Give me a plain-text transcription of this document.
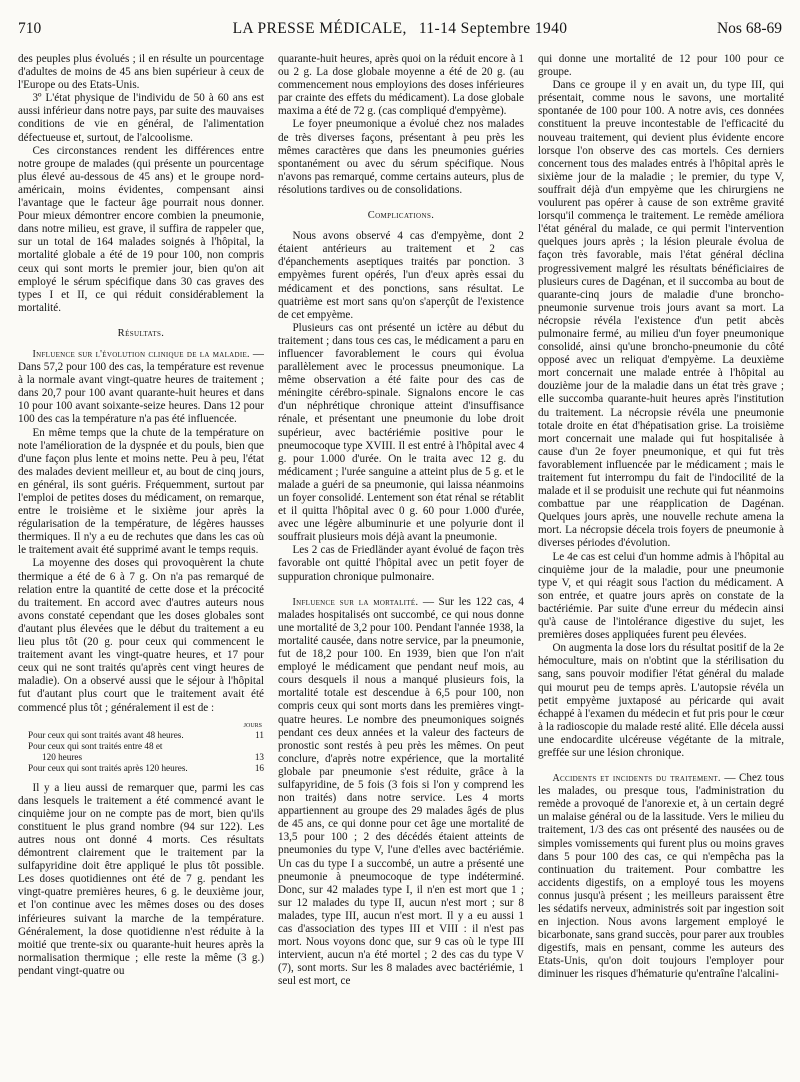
710	LA PRESSE MÉDICALE, 11-14 Septembre 1940	Nos 68-69

des peuples plus évolués ; il en résulte un pourcentage d'adultes de moins de 45 ans bien supérieur à ceux de l'Europe ou des Etats-Unis.

3º L'état physique de l'individu de 50 à 60 ans est aussi inférieur dans notre pays, par suite des mauvaises conditions de vie en général, de l'alimentation défectueuse et, surtout, de l'alcoolisme.

Ces circonstances rendent les différences entre notre groupe de malades (qui présente un pourcentage plus élevé au-dessous de 45 ans) et le groupe nord-américain, moins évidentes, compensant ainsi l'avantage que le facteur âge pourrait nous donner. Pour mieux démontrer encore combien la pneumonie, dans notre milieu, est grave, il suffira de rappeler que, sur un total de 164 malades soignés à l'hôpital, la mortalité globale a été de 19 pour 100, non compris ceux qui sont morts le premier jour, bien qu'on ait employé le sérum spécifique dans 30 cas graves des types I et II, ce qui réduit considérablement la mortalité.

Résultats.

Influence sur l'évolution clinique de la maladie. — Dans 57,2 pour 100 des cas, la température est revenue à la normale avant vingt-quatre heures de traitement ; dans 20,7 pour 100 avant quarante-huit heures et dans 10 pour 100 avant soixante-seize heures. Dans 12 pour 100 des cas la température n'a pas été influencée.

En même temps que la chute de la température on note l'amélioration de la dyspnée et du pouls, bien que d'une façon plus lente et moins nette. Peu à peu, l'état des malades devient meilleur et, au bout de cinq jours, en général, ils sont guéris. Fréquemment, surtout par l'emploi de petites doses du médicament, on remarque, entre le troisième et le sixième jour après la régularisation de la température, de légères hausses thermiques. Il n'y a eu de rechutes que dans les cas où le traitement avait été supprimé avant le temps requis.

La moyenne des doses qui provoquèrent la chute thermique a été de 6 à 7 g. On n'a pas remarqué de relation entre la quantité de cette dose et la précocité du traitement. En accord avec d'autres auteurs nous avons constaté cependant que les doses globales sont d'autant plus élevées que le début du traitement a eu lieu plus tôt (20 g. pour ceux qui commencent le traitement avant les vingt-quatre heures, et 17 pour ceux qui ne sont traités qu'après cent vingt heures de maladie). On a observé aussi que le séjour à l'hôpital fut d'autant plus court que le traitement avait été commencé plus tôt ; généralement il est de :

jours
Pour ceux qui sont traités avant 48 heures.	11
Pour ceux qui sont traités entre 48 et
120 heures	13
Pour ceux qui sont traités après 120 heures.	16

Il y a lieu aussi de remarquer que, parmi les cas dans lesquels le traitement a été commencé avant le cinquième jour on ne compte pas de mort, bien qu'ils constituent le plus grand nombre (94 sur 122). Les autres nous ont donné 4 morts. Ces résultats démontrent clairement que le traitement par la sulfapyridine doit être appliqué le plus tôt possible. Les doses quotidiennes ont été de 7 g. pendant les vingt-quatre premières heures, 6 g. le deuxième jour, et l'on continue avec les mêmes doses ou des doses inférieures suivant la marche de la température. Généralement, la dose quotidienne n'est réduite à la moitié que trente-six ou quarante-huit heures après la normalisation thermique ; elle reste la même (3 g.) pendant vingt-quatre ou

quarante-huit heures, après quoi on la réduit encore à 1 ou 2 g. La dose globale moyenne a été de 20 g. (au commencement nous employions des doses inférieures par crainte des effets du médicament). La dose globale maxima a été de 72 g. (cas compliqué d'empyème).

Le foyer pneumonique a évolué chez nos malades de très diverses façons, présentant à peu près les mêmes caractères que dans les pneumonies guéries spontanément ou avec du sérum spécifique. Nous n'avons pas remarqué, comme certains auteurs, plus de résolutions tardives ou de consolidations.

Complications.

Nous avons observé 4 cas d'empyème, dont 2 étaient antérieurs au traitement et 2 cas d'épanchements aseptiques traités par ponction. 3 empyèmes furent opérés, l'un d'eux après essai du médicament et des ponctions, sans résultat. Le quatrième est mort sans qu'on s'aperçût de l'existence de cet empyème.

Plusieurs cas ont présenté un ictère au début du traitement ; dans tous ces cas, le médicament a paru en influencer favorablement le cours qui évolua parallèlement avec le processus pneumonique. La même observation a été faite pour des cas de méningite cérébro-spinale. Signalons encore le cas d'un néphrétique chronique atteint d'insuffisance rénale, et présentant une pneumonie du lobe droit supérieur, avec bactériémie positive pour le pneumocoque type XVIII. Il est entré à l'hôpital avec 4 g. pour 1.000 d'urée. On le traita avec 12 g. du médicament ; l'urée sanguine a atteint plus de 5 g. et le malade a guéri de sa pneumonie, qui laissa néanmoins un foyer consolidé. Lentement son état rénal se rétablit et il quitta l'hôpital avec 0 g. 60 pour 1.000 d'urée, avec une légère albuminurie et une polyurie dont il souffrait plusieurs mois déjà avant la pneumonie.

Les 2 cas de Friedländer ayant évolué de façon très favorable ont quitté l'hôpital avec un petit foyer de suppuration chronique pulmonaire.

Influence sur la mortalité. — Sur les 122 cas, 4 malades hospitalisés ont succombé, ce qui nous donne une mortalité de 3,2 pour 100. Pendant l'année 1938, la mortalité causée, dans notre service, par la pneumonie, fut de 18,2 pour 100. En 1939, bien que l'on n'ait employé le médicament que pendant neuf mois, au cours desquels il nous a manqué plusieurs fois, la mortalité totale est descendue à 6,5 pour 100, non compris ceux qui sont morts dans les premières vingt-quatre heures. Le nombre des pneumoniques soignés pendant ces deux années et la valeur des facteurs de pronostic sont restés à peu près les mêmes. On peut conclure, d'après notre expérience, que la mortalité globale par pneumonie s'est réduite, grâce à la sulfapyridine, de 5 fois (3 fois si l'on y comprend les non traités) dans notre service. Les 4 morts appartiennent au groupe des 29 malades âgés de plus de 45 ans, ce qui donne pour cet âge une mortalité de 13,5 pour 100 ; 2 des décédés étaient atteints de pneumonies du type V, l'une d'elles avec bactériémie. Un cas du type I a succombé, un autre a présenté une pneumonie à pneumocoque de type indéterminé. Donc, sur 42 malades type I, il n'en est mort que 1 ; sur 12 malades du type II, aucun n'est mort ; sur 8 malades, type III, aucun n'est mort. Il y a eu aussi 1 cas d'association des types III et VIII : il n'est pas mort. Nous voyons donc que, sur 9 cas où le type III intervient, aucun n'a été mortel ; 2 des cas du type V (7), sont morts. Sur les 8 malades avec bactériémie, 1 seul est mort, ce

qui donne une mortalité de 12 pour 100 pour ce groupe.

Dans ce groupe il y en avait un, du type III, qui présentait, comme nous le savons, une mortalité spontanée de 100 pour 100. A notre avis, ces données constituent la preuve incontestable de l'efficacité du nouveau traitement, qui devient plus évidente encore lorsque l'on observe des cas mortels. Ces derniers concernent tous des malades entrés à l'hôpital après le sixième jour de la maladie ; le premier, du type V, souffrait déjà d'un empyème que les chirurgiens ne voulurent pas opérer à cause de son extrême gravité lorsqu'il commença le traitement. Le remède améliora l'état général du malade, ce qui permit l'intervention quelques jours après ; la lésion pleurale évolua de façon très favorable, mais l'état général déclina progressivement malgré les résultats bénéficiaires de plusieurs cures de Dagénan, et il succomba au bout de quarante-cinq jours de maladie d'une broncho-pneumonie survenue trois jours avant sa mort. La nécropsie révéla l'existence d'un petit abcès pulmonaire fermé, au milieu d'un foyer pneumonique consolidé, ainsi qu'une broncho-pneumonie du côté opposé avec un reliquat d'empyème. La deuxième mort concernait une malade entrée à l'hôpital au douzième jour de la maladie dans un état très grave ; elle succomba quarante-huit heures après l'institution du traitement. La nécropsie révéla une pneumonie totale droite en état d'hépatisation grise. La troisième mort concernait une malade qui fut hospitalisée à cause d'un 2e foyer pneumonique, et qui fut très favorablement influencée par le médicament ; mais le traitement fut interrompu du fait de l'indocilité de la malade et il se produisit une rechute qui fut néanmoins combattue par une réapplication de Dagénan. Quelques jours après, une nouvelle rechute amena la mort. La nécropsie décela trois foyers de pneumonie à diverses périodes d'évolution.

Le 4e cas est celui d'un homme admis à l'hôpital au cinquième jour de la maladie, pour une pneumonie type V, et qui réagit sous l'action du médicament. A son entrée, et quatre jours après on constate de la bactériémie. Par suite d'une erreur du médecin ainsi qu'à cause de l'intolérance digestive du sujet, les premières doses appliquées furent peu élevées.

On augmenta la dose lors du résultat positif de la 2e hémoculture, mais on n'obtint que la stérilisation du sang, sans pouvoir modifier l'état général du malade qui mourut peu de temps après. L'autopsie révéla un petit empyème juxtaposé au péricarde qui avait échappé à l'examen du médecin et fut pris pour le cœur à la radioscopie du malade resté alité. Elle décela aussi une endocardite ulcéreuse végétante de la mitrale, greffée sur une lésion chronique.

Accidents et incidents du traitement. — Chez tous les malades, ou presque tous, l'administration du remède a provoqué de l'anorexie et, à un certain degré un malaise général ou de la lassitude. Vers le milieu du traitement, 1/3 des cas ont présenté des nausées ou de simples vomissements qui furent plus ou moins graves dans 5 pour 100 des cas, ce qui n'empêcha pas la continuation du traitement. Pour combattre les accidents digestifs, on a employé tous les moyens connus jusqu'à présent ; les meilleurs paraissent être les sédatifs nerveux, administrés soit par ingestion soit en injection. Nous avons largement employé le bicarbonate, sans grand succès, pour parer aux troubles digestifs, mais en pensant, comme les auteurs des Etats-Unis, qu'on doit toujours l'employer pour diminuer les risques d'hématurie qu'entraîne l'alcalini-
